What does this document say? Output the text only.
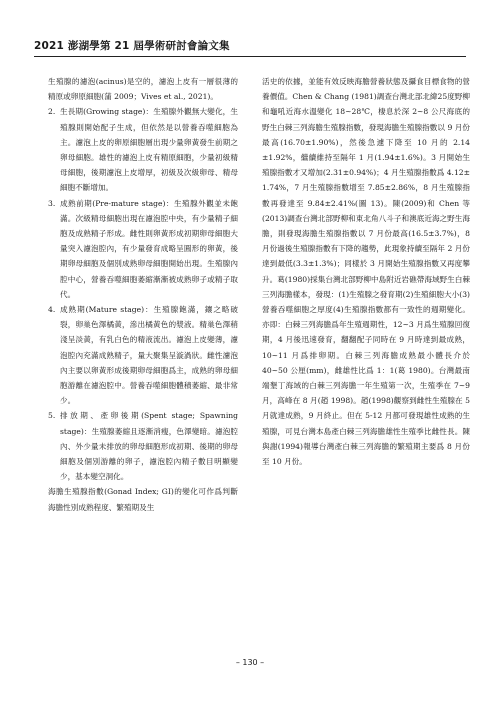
2021 澎湖學第 21 屆學術研討會論文集

生殖腺的濾泡(acinus)是空的，濾泡上皮有一層很薄的精原或卵原細胞(蒲 2009；Vives et al., 2021)。

2. 生長期(Growing stage)：生殖腺外觀無大變化，生殖腺則開始配子生成，但依然是以營養吞噬細胞為主。濾泡上皮的卵原細胞層出現少量卵黃發生前期之卵母細胞。雄性的濾泡上皮有精原細胞，少量初級精母細胞，後期濾泡上皮增厚，初級及次級卵母、精母細胞不斷增加。
3. 成熟前期(Pre-mature stage)：生殖腺外觀並未飽滿。次級精母細胞出現在濾泡腔中央，有少量精子細胞及成熟精子形成。雌性則卵黃形成初期卵母細胞大量突入濾泡腔內，有少量發育成略呈圓形的卵黃，後期卵母細胞及個別成熟卵母細胞開始出現。生殖腺內腔中心，營養吞噬細胞萎縮漸漸被成熟卵子或精子取代。
4. 成熟期(Mature stage)：生殖腺飽滿，鑲之略破裂，卵巢色澤橘黃，滲出橘黃色的漿液。精巢色澤稍淺呈淡黃，有乳白色的精液流出。濾泡上皮變薄，濾泡腔內充滿成熟精子，量大聚集呈漩渦狀。雌性濾泡內主要以卵黃形成後期卵母細胞爲主，成熟的卵母細胞游離在濾泡腔中。營養吞噬細胞體積萎縮、最非常少。
5. 排放期、產卵後期(Spent stage; Spawning stage)：生殖腺萎縮且逐漸消瘦，色澤變暗。濾泡腔內、外少量未排放的卵母細胞形成初期、後期的卵母細胞及個別游離的卵子，濾泡腔內精子數目明顯變少，基本變空洞化。

海膽生殖腺指數(Gonad Index; GI)的變化可作爲判斷海膽性別成熟程度、繁殖期及生

活史的依據，並能有效反映海膽營養狀態及攝食目標食物的營養價值。Chen & Chang (1981)調查台灣北部北緯25度野柳和龜吼近海水溫變化 18~28℃，棲息於深 2~8 公尺海底的野生白棘三列海膽生殖腺指數，發現海膽生殖腺指數以 9 月份最高(16.70±1.90%)，然後急遽下降至 10 月的 2.14 ±1.92%，繼續維持至隔年 1 月(1.94±1.6%)。3 月開始生殖腺指數才又增加(2.31±0.94%)；4 月生殖腺指數爲 4.12± 1.74%，7 月生殖腺指數增至 7.85±2.86%，8 月生殖腺指數再發達至 9.84±2.41%(圖 13)。陳(2009)和 Chen 等(2013)調查台灣北部野柳和東北角八斗子和澳底近海之野生海膽，則發現海膽生殖腺指數以 7 月份最高(16.5±3.7%)，8 月份過後生殖腺指數有下降的趨勢，此現象持續至隔年 2 月份達到最低(3.3±1.3%)；同樣於 3 月開始生殖腺指數又再度攀升。葛(1980)採集台灣北部野柳中島附近岩礁帶海域野生白棘三列海膽樣本，發現：(1)生殖腺之發育期(2)生殖細胞大小(3)營養吞噬細胞之厚度(4)生殖腺指數都有一致性的週期變化。亦即：白棘三列海膽爲年生殖週期性，12~3 月爲生殖腺回復期，4 月後迅速發育，翻翻配子同時在 9 月時達到最成熟，10~11 月爲排卵期。白棘三列海膽成熟最小體長介於 40~50 公厘(mm)，雌雄性比爲 1：1(葛 1980)。台灣最南端墾丁海域的白棘三列海膽一年生殖第一次，生殖季在 7~9 月，高峰在 8 月(趙 1998)。趙(1998)觀察到雌性生殖腺在 5 月就達成熟，9 月終止。但在 5-12 月都可發現雄性成熟的生殖腺，可見台灣本島產白棘三列海膽雄性生殖季比雌性長。陳與謝(1994)報導台灣產白棘三列海膽的繁殖期主要爲 8 月份至 10 月份。

– 130 –
